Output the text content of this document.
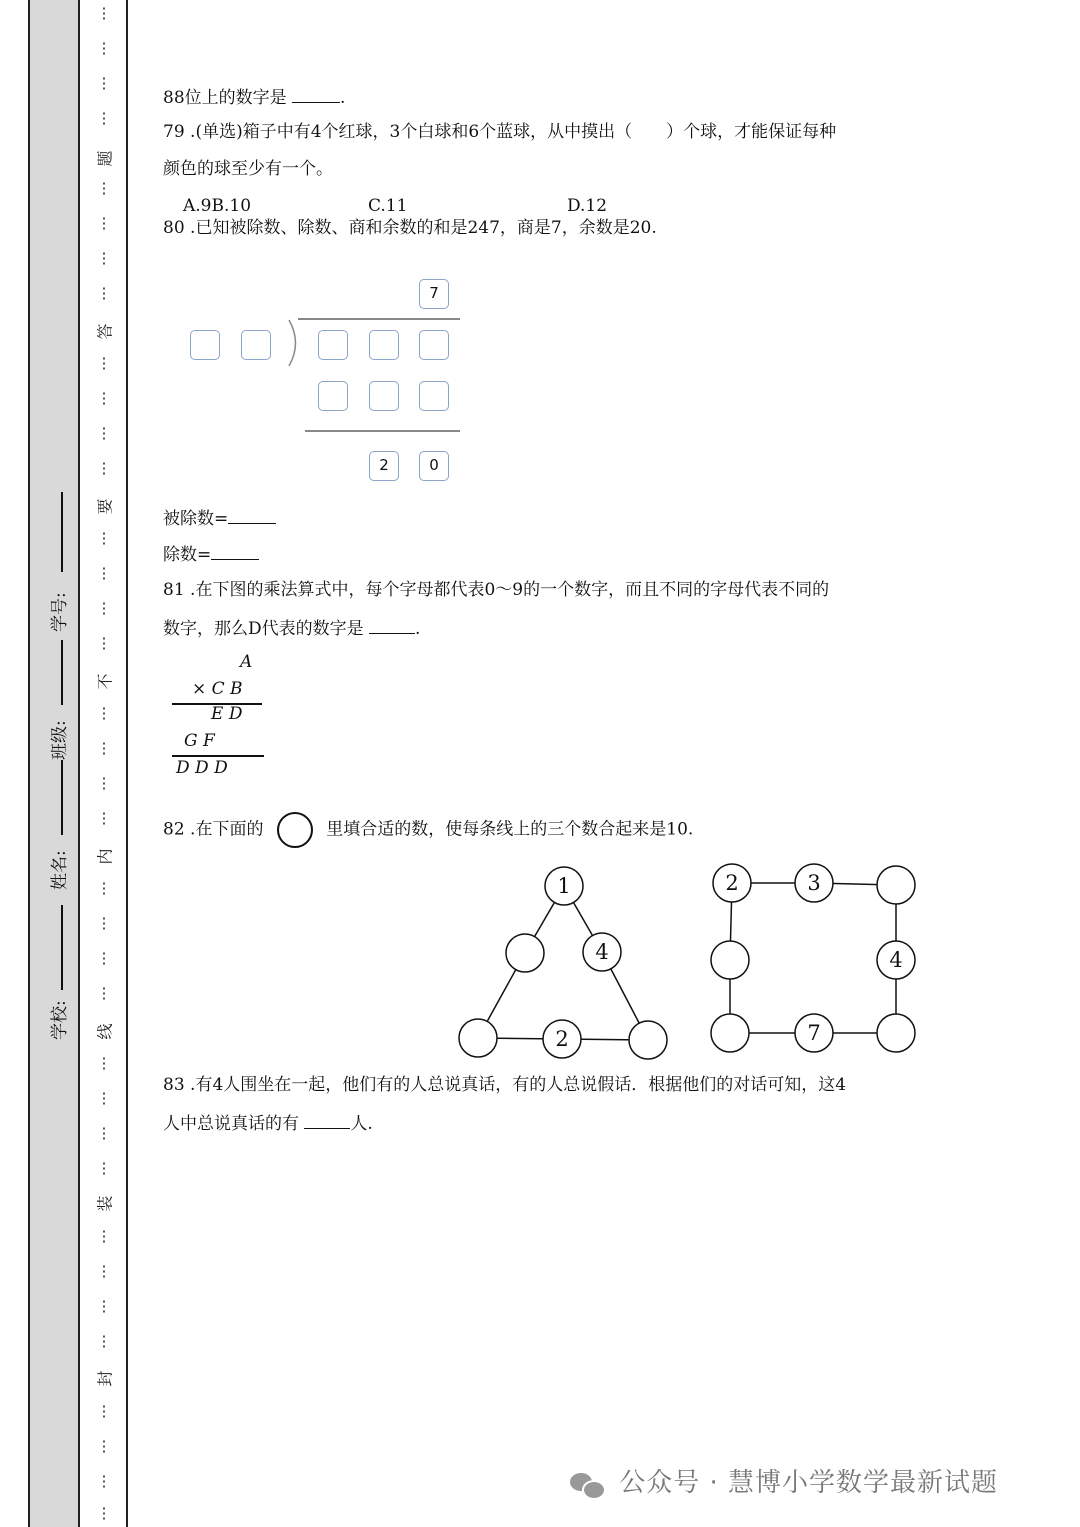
学校:
姓名:
班级:
学号:
⋮
⋮
⋮
⋮
题
⋮
⋮
⋮
⋮
答
⋮
⋮
⋮
⋮
要
⋮
⋮
⋮
⋮
不
⋮
⋮
⋮
⋮
内
⋮
⋮
⋮
⋮
线
⋮
⋮
⋮
⋮
装
⋮
⋮
⋮
⋮
封
⋮
⋮
⋮
⋮
88位上的数字是	.
79 .(单选)箱子中有4个红球，3个白球和6个蓝球，从中摸出（　　）个球，才能保证每种
颜色的球至少有一个。
A.9B.10	C.11	D.12
80 .已知被除数、除数、商和余数的和是247，商是7，余数是20.
7
2	0
被除数=
除数=
81 .在下图的乘法算式中，每个字母都代表0～9的一个数字，而且不同的字母代表不同的
数字，那么D代表的数字是	.
A
× C B
E D
G F
D D D
82 .在下面的	里填合适的数，使每条线上的三个数合起来是10.
1
4
2
2	3
4
7
83 .有4人围坐在一起，他们有的人总说真话，有的人总说假话．根据他们的对话可知，这4
人中总说真话的有	人.
公众号 · 慧博小学数学最新试题
